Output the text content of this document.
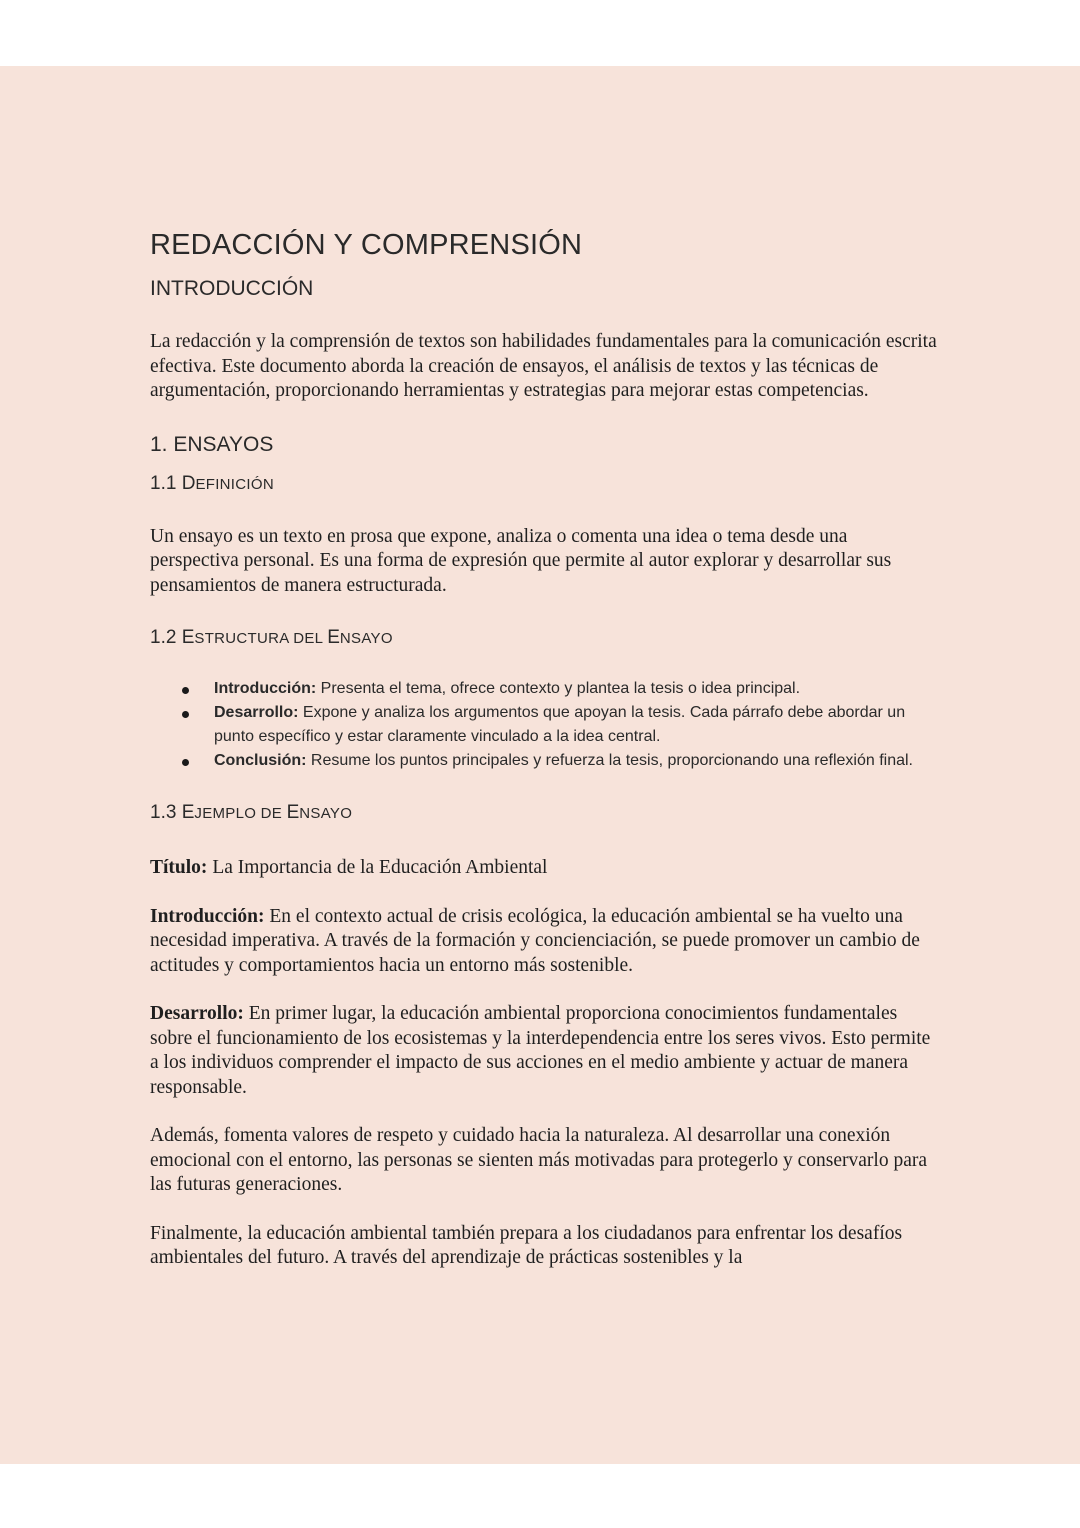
REDACCIÓN Y COMPRENSIÓN
INTRODUCCIÓN

La redacción y la comprensión de textos son habilidades fundamentales para la comunicación escrita efectiva. Este documento aborda la creación de ensayos, el análisis de textos y las técnicas de argumentación, proporcionando herramientas y estrategias para mejorar estas competencias.

1. ENSAYOS
1.1 DEFINICIÓN

Un ensayo es un texto en prosa que expone, analiza o comenta una idea o tema desde una perspectiva personal. Es una forma de expresión que permite al autor explorar y desarrollar sus pensamientos de manera estructurada.

1.2 ESTRUCTURA DEL ENSAYO
Introducción: Presenta el tema, ofrece contexto y plantea la tesis o idea principal.
Desarrollo: Expone y analiza los argumentos que apoyan la tesis. Cada párrafo debe abordar un punto específico y estar claramente vinculado a la idea central.
Conclusión: Resume los puntos principales y refuerza la tesis, proporcionando una reflexión final.
1.3 EJEMPLO DE ENSAYO

Título: La Importancia de la Educación Ambiental

Introducción: En el contexto actual de crisis ecológica, la educación ambiental se ha vuelto una necesidad imperativa. A través de la formación y concienciación, se puede promover un cambio de actitudes y comportamientos hacia un entorno más sostenible.

Desarrollo: En primer lugar, la educación ambiental proporciona conocimientos fundamentales sobre el funcionamiento de los ecosistemas y la interdependencia entre los seres vivos. Esto permite a los individuos comprender el impacto de sus acciones en el medio ambiente y actuar de manera responsable.

Además, fomenta valores de respeto y cuidado hacia la naturaleza. Al desarrollar una conexión emocional con el entorno, las personas se sienten más motivadas para protegerlo y conservarlo para las futuras generaciones.

Finalmente, la educación ambiental también prepara a los ciudadanos para enfrentar los desafíos ambientales del futuro. A través del aprendizaje de prácticas sostenibles y la
